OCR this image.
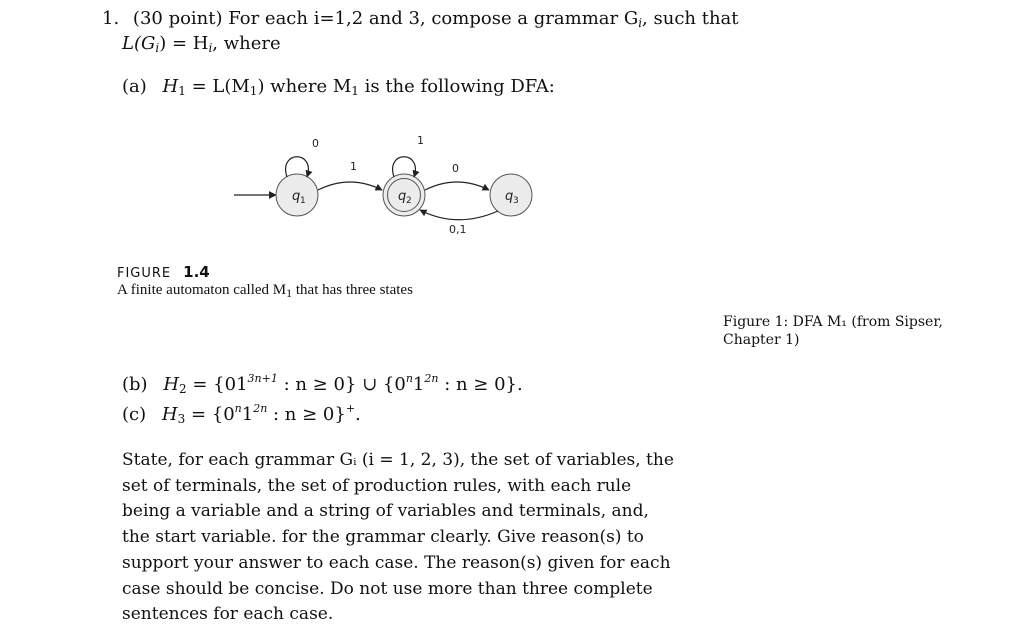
1. (30 point) For each i=1,2 and 3, compose a grammar $G_i$, such that
$L(G_i) = H_i$, where
(a) $H_1 = L(M_1)$ where $M_1$ is the following DFA:
q 1	q 2	q 3
0
1
1
0
0,1
FIGURE 1.4
A finite automaton called $M_1$ that has three states
Figure 1: DFA M₁ (from Sipser, Chapter 1)
(b) $H_2 = \{01^{3n+1}$ : n ≥ 0} ∪ {$0^n1^{2n}$ : n ≥ 0}.
(c) $H_3 = \{0^n1^{2n}$ : n ≥ 0}+.
State, for each grammar Gᵢ (i = 1, 2, 3), the set of variables, the set of terminals, the set of production rules, with each rule being a variable and a string of variables and terminals, and, the start variable. for the grammar clearly. Give reason(s) to support your answer to each case. The reason(s) given for each case should be concise. Do not use more than three complete sentences for each case.
